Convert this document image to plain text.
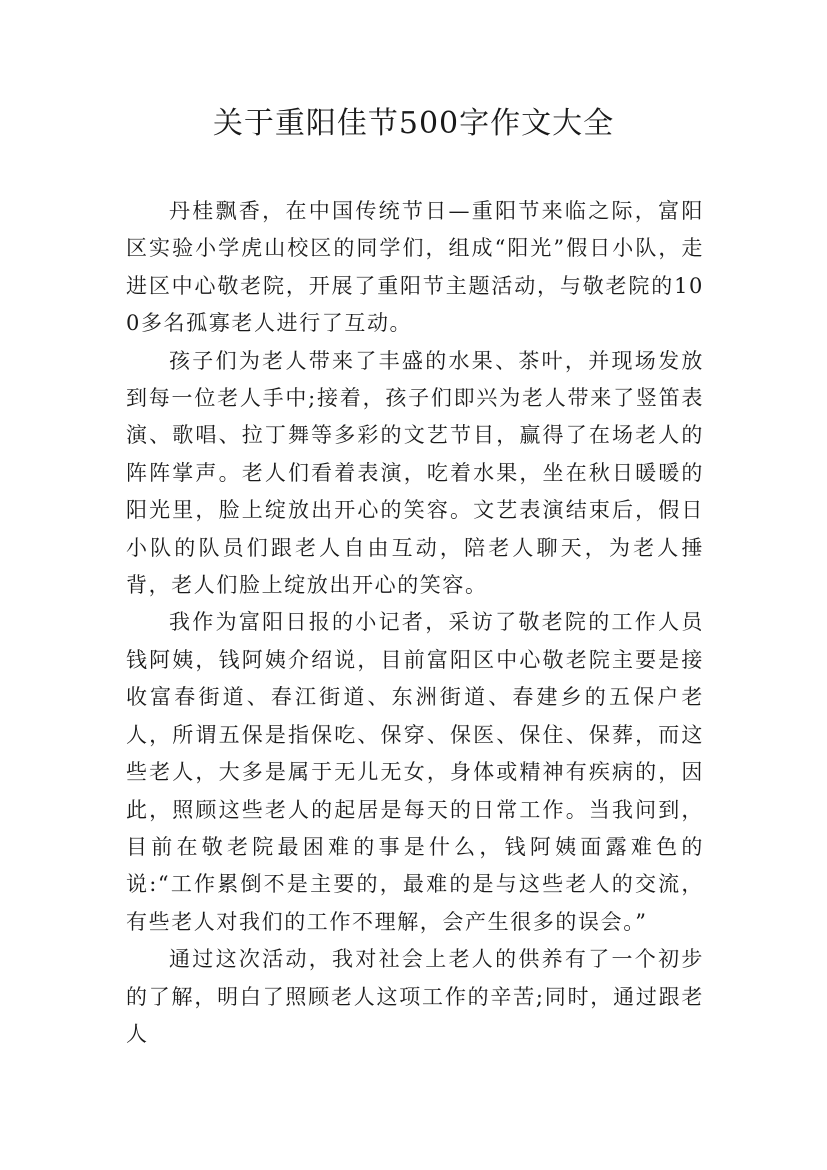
关于重阳佳节500字作文大全

丹桂飘香，在中国传统节日—重阳节来临之际，富阳区实验小学虎山校区的同学们，组成“阳光”假日小队，走进区中心敬老院，开展了重阳节主题活动，与敬老院的100多名孤寡老人进行了互动。

孩子们为老人带来了丰盛的水果、茶叶，并现场发放到每一位老人手中;接着，孩子们即兴为老人带来了竖笛表演、歌唱、拉丁舞等多彩的文艺节目，赢得了在场老人的阵阵掌声。老人们看着表演，吃着水果，坐在秋日暖暖的阳光里，脸上绽放出开心的笑容。文艺表演结束后，假日小队的队员们跟老人自由互动，陪老人聊天，为老人捶背，老人们脸上绽放出开心的笑容。

我作为富阳日报的小记者，采访了敬老院的工作人员钱阿姨，钱阿姨介绍说，目前富阳区中心敬老院主要是接收富春街道、春江街道、东洲街道、春建乡的五保户老人，所谓五保是指保吃、保穿、保医、保住、保葬，而这些老人，大多是属于无儿无女，身体或精神有疾病的，因此，照顾这些老人的起居是每天的日常工作。当我问到，目前在敬老院最困难的事是什么，钱阿姨面露难色的说:“工作累倒不是主要的，最难的是与这些老人的交流，有些老人对我们的工作不理解，会产生很多的误会。”

通过这次活动，我对社会上老人的供养有了一个初步的了解，明白了照顾老人这项工作的辛苦;同时，通过跟老人
